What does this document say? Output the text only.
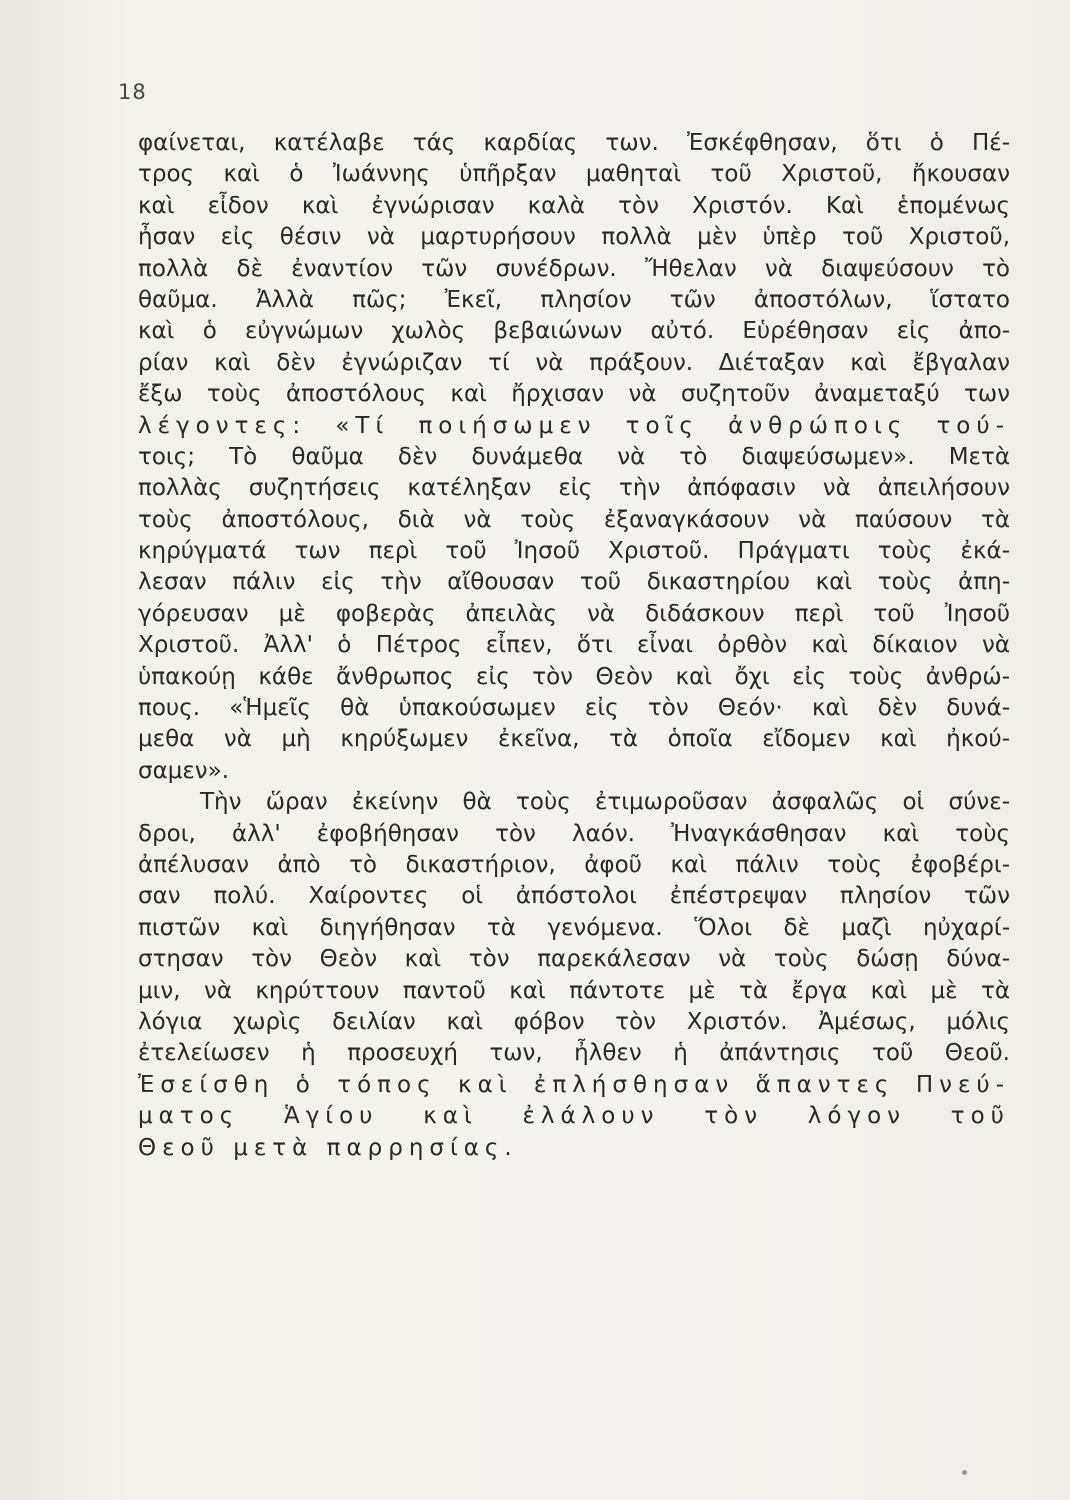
18
φαίνεται, κατέλαβε τάς καρδίας των. Ἐσκέφθησαν, ὅτι ὁ Πέ-
τρος καὶ ὁ Ἰωάννης ὑπῆρξαν μαθηταὶ τοῦ Χριστοῦ, ἤκουσαν
καὶ εἶδον καὶ ἐγνώρισαν καλὰ τὸν Χριστόν. Καὶ ἑπομένως
ἦσαν εἰς θέσιν νὰ μαρτυρήσουν πολλὰ μὲν ὑπὲρ τοῦ Χριστοῦ,
πολλὰ δὲ ἐναντίον τῶν συνέδρων. Ἤθελαν νὰ διαψεύσουν τὸ
θαῦμα. Ἀλλὰ πῶς; Ἐκεῖ, πλησίον τῶν ἀποστόλων, ἵστατο
καὶ ὁ εὐγνώμων χωλὸς βεβαιώνων αὐτό. Εὑρέθησαν εἰς ἀπο-
ρίαν καὶ δὲν ἐγνώριζαν τί νὰ πράξουν. Διέταξαν καὶ ἔβγαλαν
ἔξω τοὺς ἀποστόλους καὶ ἤρχισαν νὰ συζητοῦν ἀναμεταξύ των
λέγοντες: «Τί ποιήσωμεν τοῖς ἀνθρώποις τού-
τοις; Τὸ θαῦμα δὲν δυνάμεθα νὰ τὸ διαψεύσωμεν». Μετὰ
πολλὰς συζητήσεις κατέληξαν εἰς τὴν ἀπόφασιν νὰ ἀπειλήσουν
τοὺς ἀποστόλους, διὰ νὰ τοὺς ἐξαναγκάσουν νὰ παύσουν τὰ
κηρύγματά των περὶ τοῦ Ἰησοῦ Χριστοῦ. Πράγματι τοὺς ἐκά-
λεσαν πάλιν εἰς τὴν αἴθουσαν τοῦ δικαστηρίου καὶ τοὺς ἀπη-
γόρευσαν μὲ φοβερὰς ἀπειλὰς νὰ διδάσκουν περὶ τοῦ Ἰησοῦ
Χριστοῦ. Ἀλλ' ὁ Πέτρος εἶπεν, ὅτι εἶναι ὀρθὸν καὶ δίκαιον νὰ
ὑπακούῃ κάθε ἄνθρωπος εἰς τὸν Θεὸν καὶ ὄχι εἰς τοὺς ἀνθρώ-
πους. «Ἡμεῖς θὰ ὑπακούσωμεν εἰς τὸν Θεόν· καὶ δὲν δυνά-
μεθα νὰ μὴ κηρύξωμεν ἐκεῖνα, τὰ ὁποῖα εἴδομεν καὶ ἠκού-
σαμεν».
Τὴν ὥραν ἐκείνην θὰ τοὺς ἐτιμωροῦσαν ἀσφαλῶς οἱ σύνε-
δροι, ἀλλ' ἐφοβήθησαν τὸν λαόν. Ἠναγκάσθησαν καὶ τοὺς
ἀπέλυσαν ἀπὸ τὸ δικαστήριον, ἀφοῦ καὶ πάλιν τοὺς ἐφοβέρι-
σαν πολύ. Χαίροντες οἱ ἀπόστολοι ἐπέστρεψαν πλησίον τῶν
πιστῶν καὶ διηγήθησαν τὰ γενόμενα. Ὅλοι δὲ μαζὶ ηὐχαρί-
στησαν τὸν Θεὸν καὶ τὸν παρεκάλεσαν νὰ τοὺς δώσῃ δύνα-
μιν, νὰ κηρύττουν παντοῦ καὶ πάντοτε μὲ τὰ ἔργα καὶ μὲ τὰ
λόγια χωρὶς δειλίαν καὶ φόβον τὸν Χριστόν. Ἀμέσως, μόλις
ἐτελείωσεν ἡ προσευχή των, ἦλθεν ἡ ἀπάντησις τοῦ Θεοῦ.
Ἐσείσθη ὁ τόπος καὶ ἐπλήσθησαν ἅπαντες Πνεύ-
ματος Ἁγίου καὶ ἐλάλουν τὸν λόγον τοῦ
Θεοῦ μετὰ παρρησίας.
